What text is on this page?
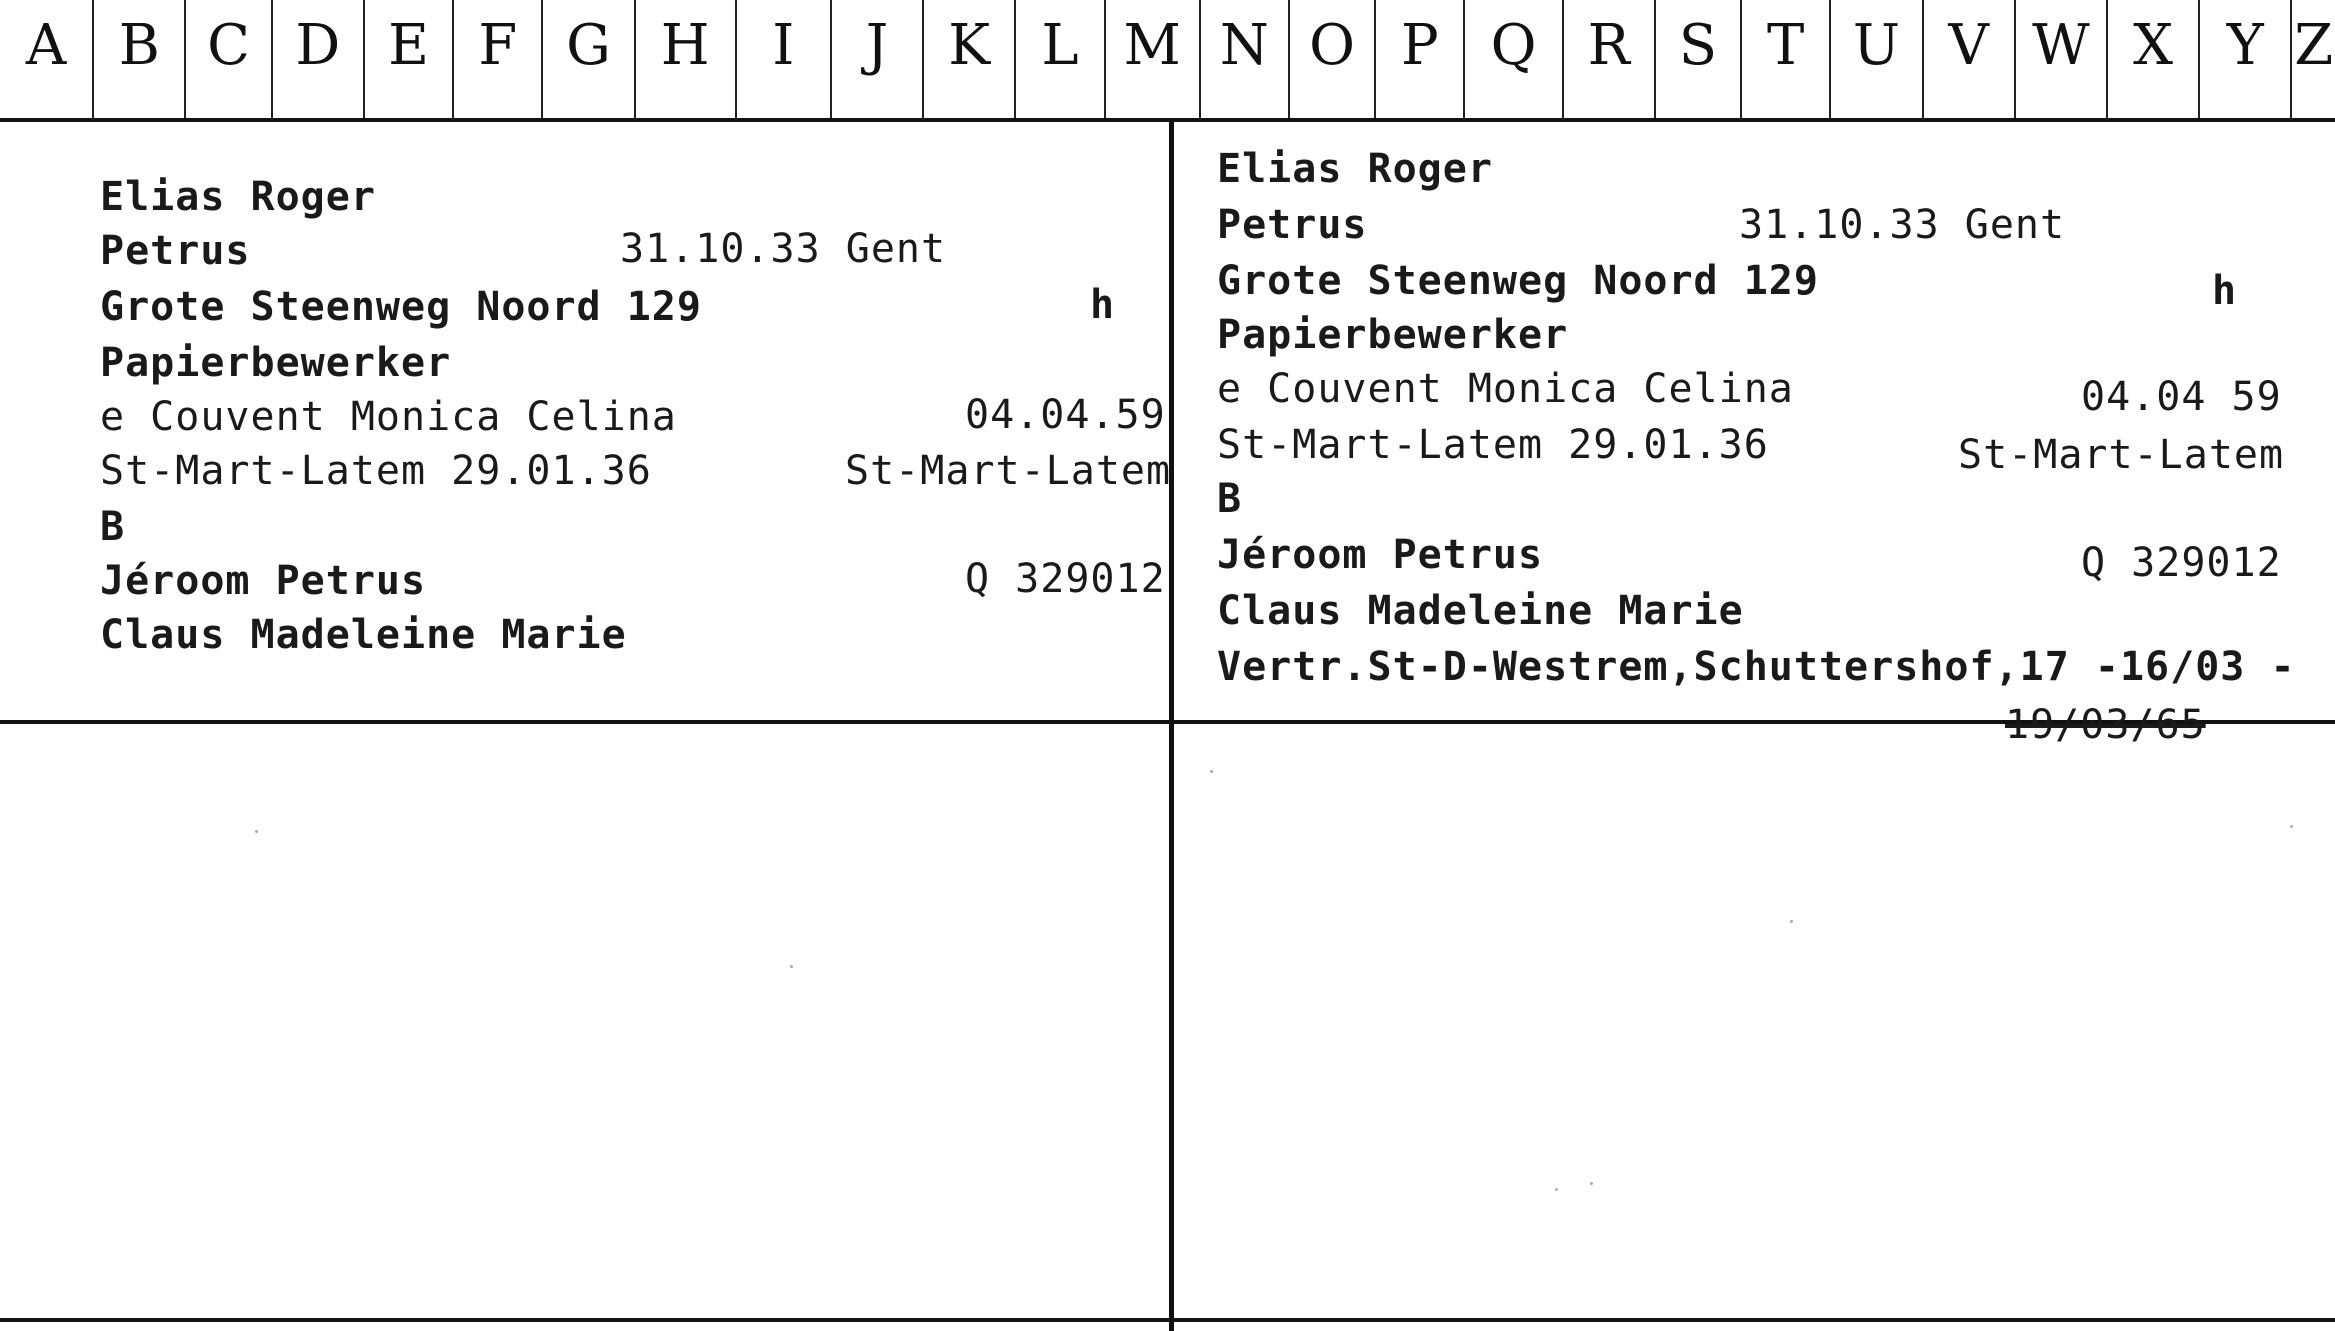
A B C D E F G H	I	J	K L M N O P Q R S T U V W X Y Z
Elias Roger
Petrus	31.10.33 Gent
Grote Steenweg Noord 129	h
Papierbewerker
e Couvent Monica Celina	04.04.59
St-Mart-Latem 29.01.36	St-Mart-Latem
B
Jéroom Petrus	Q 329012
Claus Madeleine Marie
Elias Roger
Petrus	31.10.33 Gent
Grote Steenweg Noord 129	h
Papierbewerker
e Couvent Monica Celina	04.04 59
St-Mart-Latem 29.01.36	St-Mart-Latem
B
Jéroom Petrus	Q 329012
Claus Madeleine Marie
Vertr.St-D-Westrem,Schuttershof,17 -16/03 -
19/03/65
